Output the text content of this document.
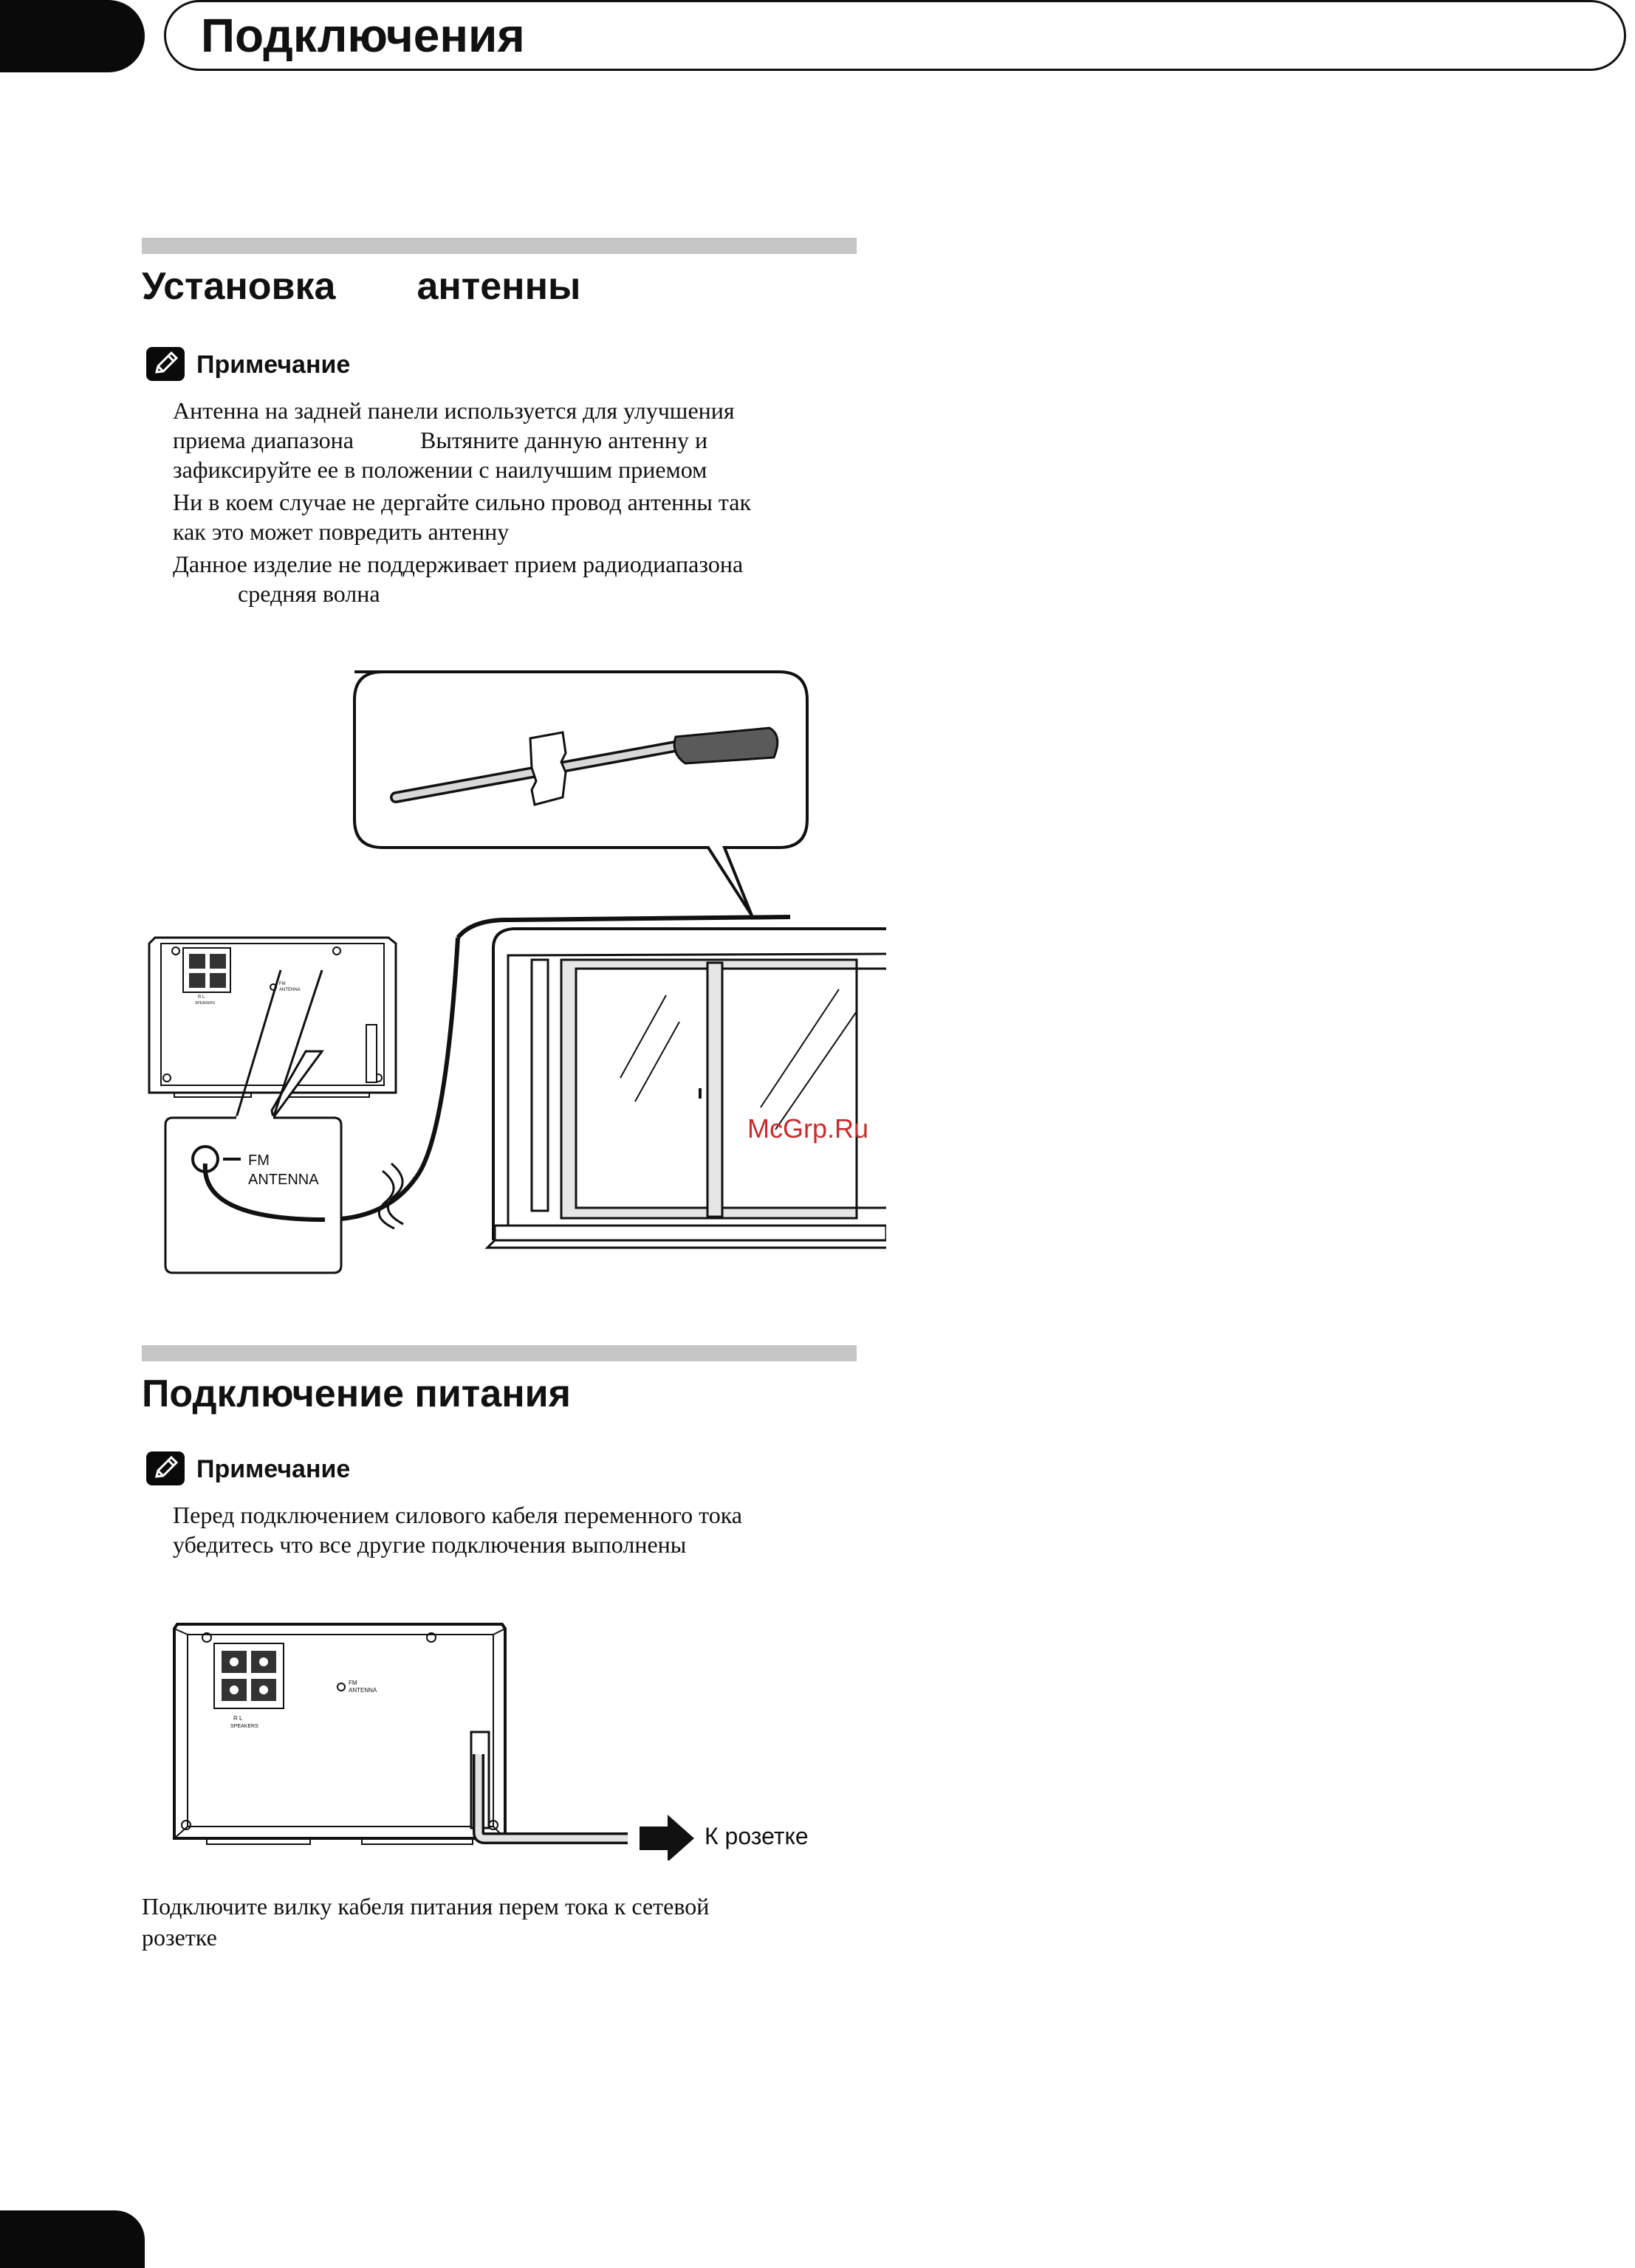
Подключения
Установка антенны
Примечание
Антенна на задней панели используется для улучшения
приема диапазона	Вытяните данную антенну и
зафиксируйте ее в положении с наилучшим приемом
Ни в коем случае не дергайте сильно провод антенны так
как это может повредить антенну
Данное изделие не поддерживает прием радиодиапазона
средняя волна
FM
ANTENNA
R L
SPEAKERS
FM
ANTENNA
McGrp.Ru
Подключение питания
Примечание
Перед подключением силового кабеля переменного тока
убедитесь что все другие подключения выполнены
R L
SPEAKERS
FM
ANTENNA
К розетке
Подключите вилку кабеля питания перем тока к сетевой
розетке
